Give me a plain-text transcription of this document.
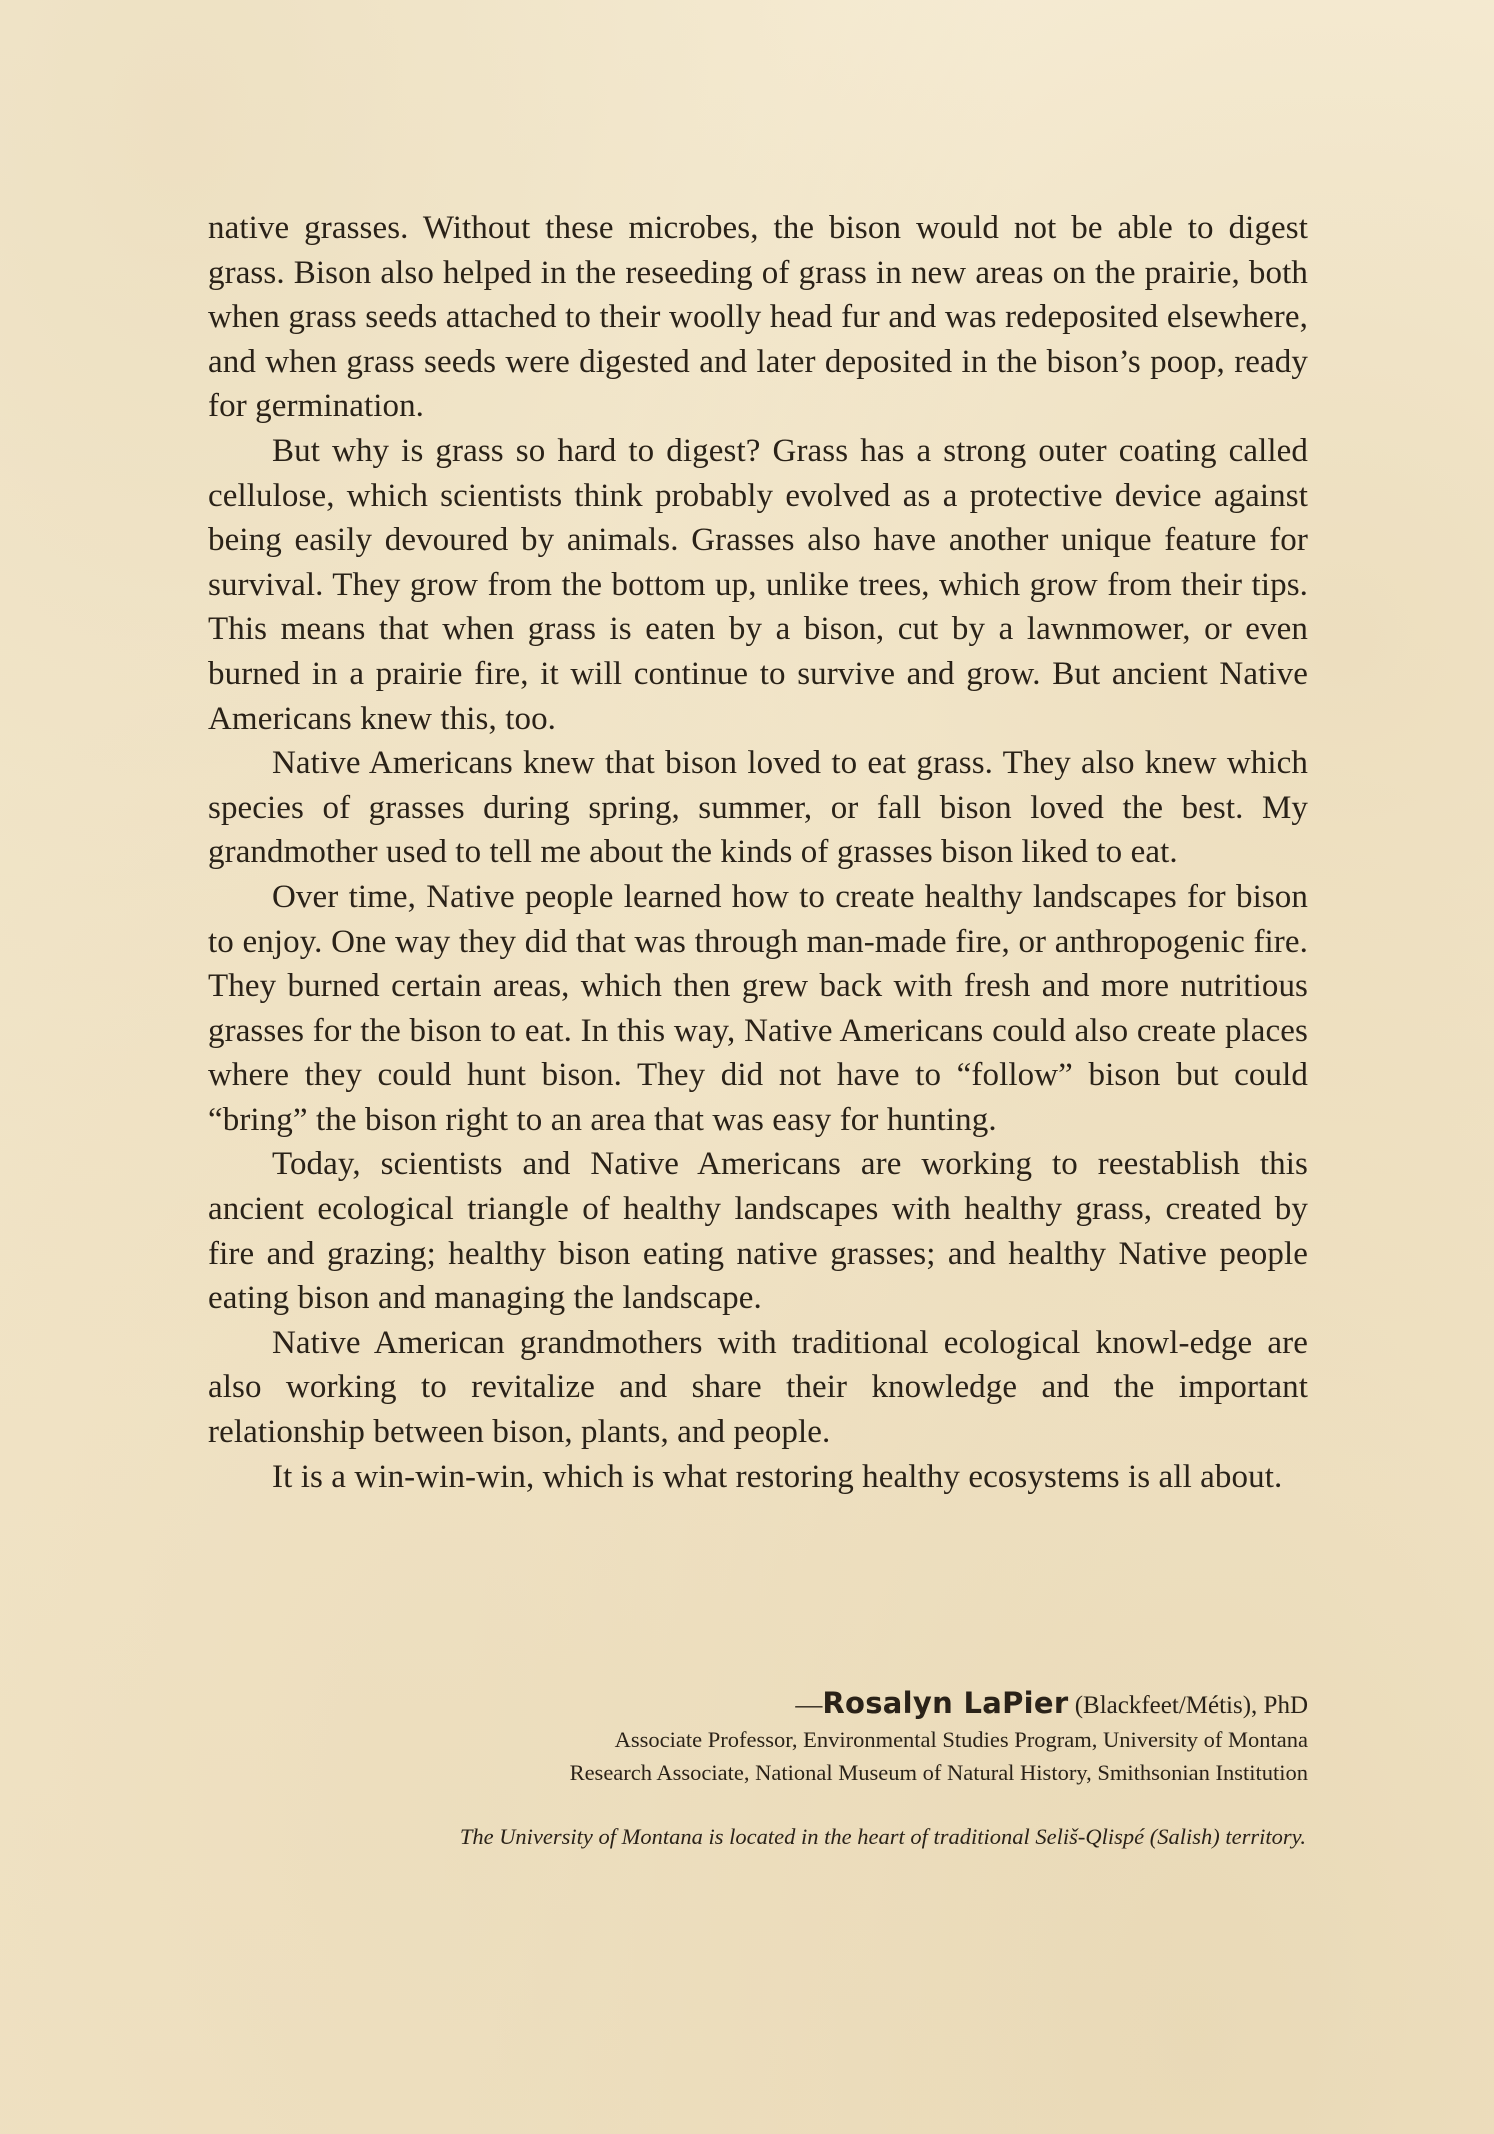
native grasses. Without these microbes, the bison would not be able to digest grass. Bison also helped in the reseeding of grass in new areas on the prairie, both when grass seeds attached to their woolly head fur and was redeposited elsewhere, and when grass seeds were digested and later deposited in the bison’s poop, ready for germination.

But why is grass so hard to digest? Grass has a strong outer coating called cellulose, which scientists think probably evolved as a protective device against being easily devoured by animals. Grasses also have another unique feature for survival. They grow from the bottom up, unlike trees, which grow from their tips. This means that when grass is eaten by a bison, cut by a lawnmower, or even burned in a prairie fire, it will continue to survive and grow. But ancient Native Americans knew this, too.

Native Americans knew that bison loved to eat grass. They also knew which species of grasses during spring, summer, or fall bison loved the best. My grandmother used to tell me about the kinds of grasses bison liked to eat.

Over time, Native people learned how to create healthy landscapes for bison to enjoy. One way they did that was through man-made fire, or anthropogenic fire. They burned certain areas, which then grew back with fresh and more nutritious grasses for the bison to eat. In this way, Native Americans could also create places where they could hunt bison. They did not have to “follow” bison but could “bring” the bison right to an area that was easy for hunting.

Today, scientists and Native Americans are working to reestablish this ancient ecological triangle of healthy landscapes with healthy grass, created by fire and grazing; healthy bison eating native grasses; and healthy Native people eating bison and managing the landscape.

Native American grandmothers with traditional ecological knowl-edge are also working to revitalize and share their knowledge and the important relationship between bison, plants, and people.

It is a win-win-win, which is what restoring healthy ecosystems is all about.

—Rosalyn LaPier (Blackfeet/Métis), PhD
Associate Professor, Environmental Studies Program, University of Montana
Research Associate, National Museum of Natural History, Smithsonian Institution
The University of Montana is located in the heart of traditional Seliš-Qlispé (Salish) territory.
